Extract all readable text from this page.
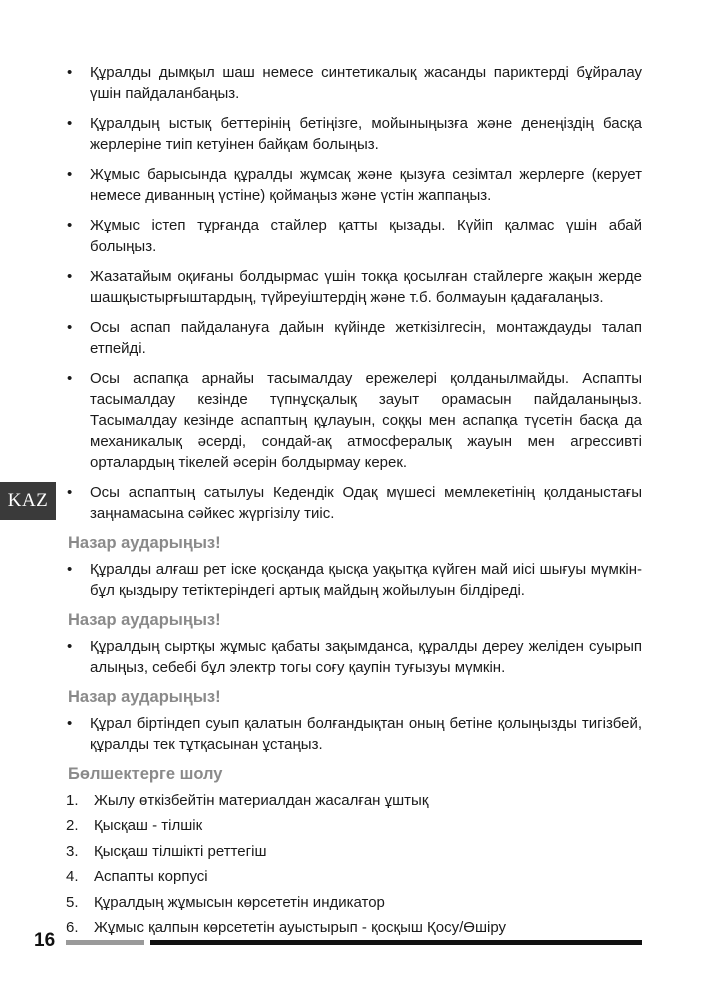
KAZ
• Құралды дымқыл шаш немесе синтетикалық жасанды париктерді бұйралау үшін пайдаланбаңыз.
• Құралдың ыстық беттерінің бетіңізге, мойыныңызға және денеңіздің басқа жерлеріне тиіп кетуінен байқам болыңыз.
• Жұмыс барысында құралды жұмсақ және қызуға сезімтал жерлерге (керует немесе диванның үстіне) қоймаңыз және үстін жаппаңыз.
• Жұмыс істеп тұрғанда стайлер қатты қызады. Күйіп қалмас үшін абай болыңыз.
• Жазатайым оқиғаны болдырмас үшін токқа қосылған стайлерге жақын жерде шашқыстырғыштардың, түйреуіштердің және т.б. болмауын қадағалаңыз.
• Осы аспап пайдалануға дайын күйінде жеткізілгесін, монтаждауды талап етпейді.
• Осы аспапқа арнайы тасымалдау ережелері қолданылмайды. Аспапты тасымалдау кезінде түпнұсқалық зауыт орамасын пайдаланыңыз. Тасымалдау кезінде аспаптың құлауын, соққы мен аспапқа түсетін басқа да механикалық әсерді, сондай-ақ атмосфералық жауын мен агрессивті орталардың тікелей әсерін болдырмау керек.
• Осы аспаптың сатылуы Кедендік Одақ мүшесі мемлекетінің қолданыстағы заңнамасына сәйкес жүргізілу тиіс.
Назар аударыңыз!
• Құралды алғаш рет іске қосқанда қысқа уақытқа күйген май иісі шығуы мүмкін- бұл қыздыру тетіктеріндегі артық майдың жойылуын білдіреді.
Назар аударыңыз!
• Құралдың сыртқы жұмыс қабаты зақымданса, құралды дереу желіден суырып алыңыз, себебі бұл электр тогы соғу қаупін туғызуы мүмкін.
Назар аударыңыз!
• Құрал біртіндеп суып қалатын болғандықтан оның бетіне қолыңызды тигізбей, құралды тек тұтқасынан ұстаңыз.
Бөлшектерге шолу
1. Жылу өткізбейтін материалдан жасалған ұштық
2. Қысқаш - тілшік
3. Қысқаш тілшікті реттегіш
4. Аспапты корпусі
5. Құралдың жұмысын көрсететін индикатор
6. Жұмыс қалпын көрсететін ауыстырып - қосқыш Қосу/Өшіру
16
